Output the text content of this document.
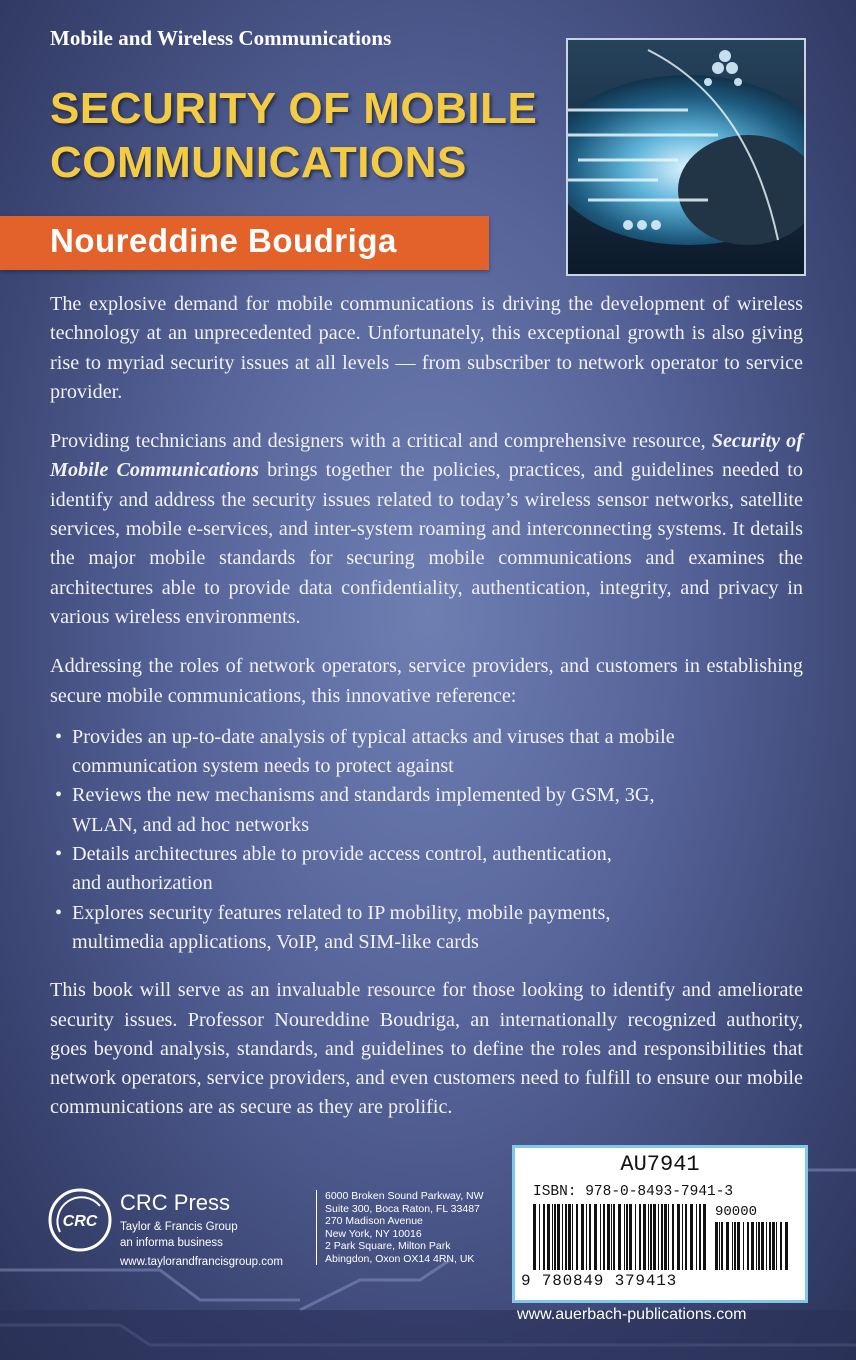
Mobile and Wireless Communications
SECURITY OF MOBILE
COMMUNICATIONS
Noureddine Boudriga

The explosive demand for mobile communications is driving the development of wireless technology at an unprecedented pace. Unfortunately, this exceptional growth is also giving rise to myriad security issues at all levels — from subscriber to network operator to service provider.

Providing technicians and designers with a critical and comprehensive resource, Security of Mobile Communications brings together the policies, practices, and guidelines needed to identify and address the security issues related to today’s wireless sensor networks, satellite services, mobile e-services, and inter-system roaming and interconnecting systems. It details the major mobile standards for securing mobile communications and examines the architectures able to provide data confidentiality, authentication, integrity, and privacy in various wireless environments.

Addressing the roles of network operators, service providers, and customers in establishing secure mobile communications, this innovative reference:

• Provides an up-to-date analysis of typical attacks and viruses that a mobile
communication system needs to protect against
• Reviews the new mechanisms and standards implemented by GSM, 3G,
WLAN, and ad hoc networks
• Details architectures able to provide access control, authentication,
and authorization
• Explores security features related to IP mobility, mobile payments,
multimedia applications, VoIP, and SIM-like cards

This book will serve as an invaluable resource for those looking to identify and ameliorate security issues. Professor Noureddine Boudriga, an internationally recognized authority, goes beyond analysis, standards, and guidelines to define the roles and responsibilities that network operators, service providers, and even customers need to fulfill to ensure our mobile communications are as secure as they are prolific.

CRC
CRC Press
Taylor & Francis Group
an informa business
www.taylorandfrancisgroup.com
6000 Broken Sound Parkway, NW
Suite 300, Boca Raton, FL 33487
270 Madison Avenue
New York, NY 10016
2 Park Square, Milton Park
Abingdon, Oxon OX14 4RN, UK
AU7941
ISBN: 978-0-8493-7941-3
90000
9 780849 379413
www.auerbach-publications.com
